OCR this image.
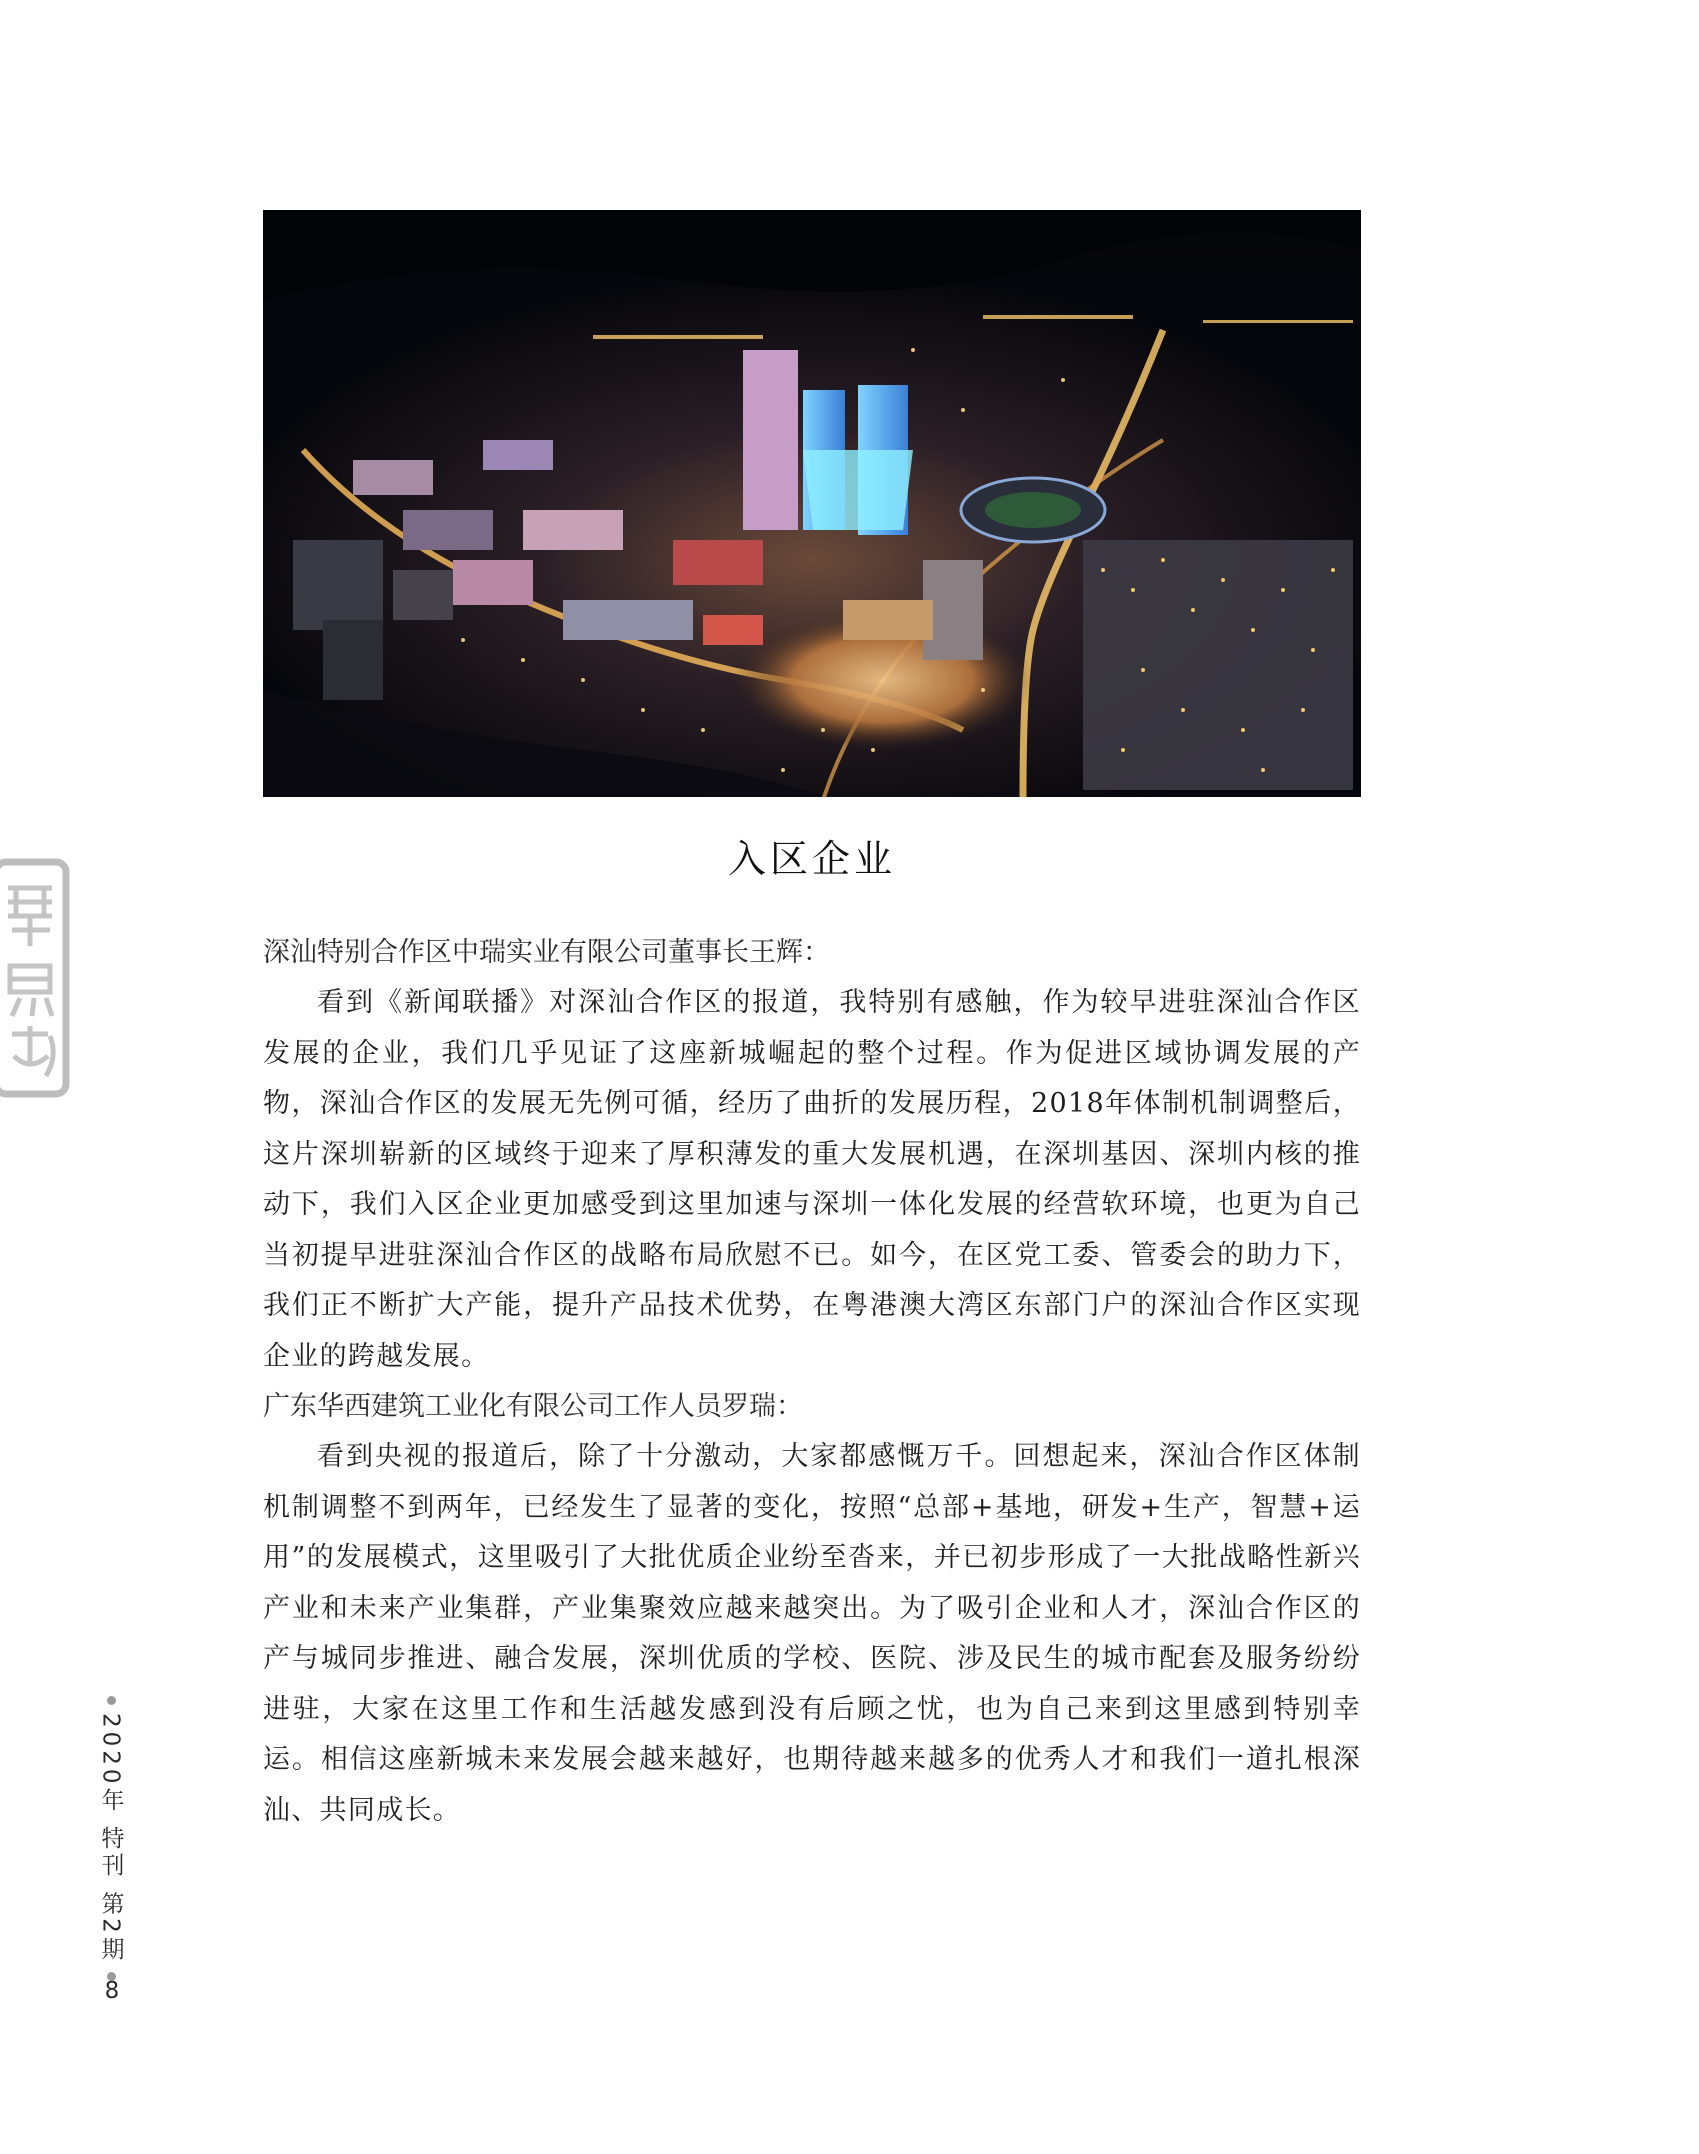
入区企业

深汕特别合作区中瑞实业有限公司董事长王辉：

看到《新闻联播》对深汕合作区的报道，我特别有感触，作为较早进驻深汕合作区发展的企业，我们几乎见证了这座新城崛起的整个过程。作为促进区域协调发展的产物，深汕合作区的发展无先例可循，经历了曲折的发展历程，2018年体制机制调整后，这片深圳崭新的区域终于迎来了厚积薄发的重大发展机遇，在深圳基因、深圳内核的推动下，我们入区企业更加感受到这里加速与深圳一体化发展的经营软环境，也更为自己当初提早进驻深汕合作区的战略布局欣慰不已。如今，在区党工委、管委会的助力下，我们正不断扩大产能，提升产品技术优势，在粤港澳大湾区东部门户的深汕合作区实现企业的跨越发展。

广东华西建筑工业化有限公司工作人员罗瑞：

看到央视的报道后，除了十分激动，大家都感慨万千。回想起来，深汕合作区体制机制调整不到两年，已经发生了显著的变化，按照“总部+基地，研发+生产，智慧+运用”的发展模式，这里吸引了大批优质企业纷至沓来，并已初步形成了一大批战略性新兴产业和未来产业集群，产业集聚效应越来越突出。为了吸引企业和人才，深汕合作区的产与城同步推进、融合发展，深圳优质的学校、医院、涉及民生的城市配套及服务纷纷进驻，大家在这里工作和生活越发感到没有后顾之忧，也为自己来到这里感到特别幸运。相信这座新城未来发展会越来越好，也期待越来越多的优秀人才和我们一道扎根深汕、共同成长。

2020年 特刊 第2期
8
